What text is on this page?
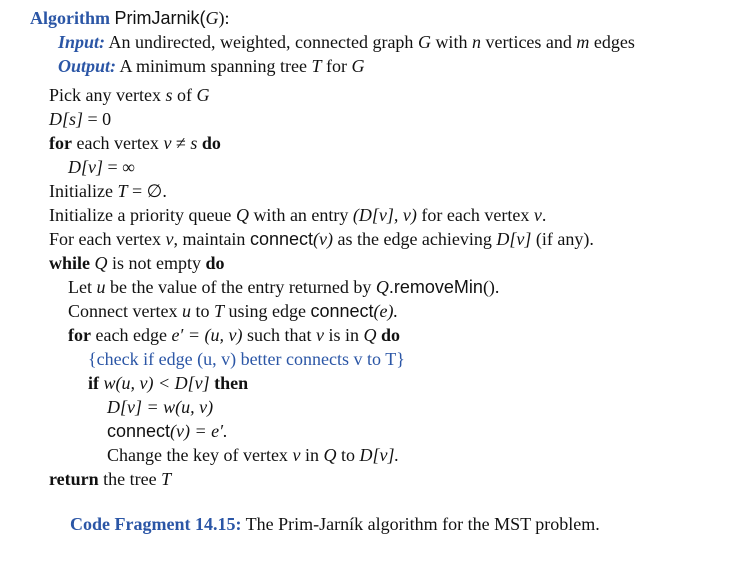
Algorithm PrimJarnik(G):
Input: An undirected, weighted, connected graph G with n vertices and m edges
Output: A minimum spanning tree T for G
Pick any vertex s of G
D[s] = 0
for each vertex v ≠ s do
D[v] = ∞
Initialize T = ∅.
Initialize a priority queue Q with an entry (D[v], v) for each vertex v.
For each vertex v, maintain connect(v) as the edge achieving D[v] (if any).
while Q is not empty do
Let u be the value of the entry returned by Q.removeMin().
Connect vertex u to T using edge connect(e).
for each edge e′ = (u, v) such that v is in Q do
{check if edge (u, v) better connects v to T}
if w(u, v) < D[v] then
D[v] = w(u, v)
connect(v) = e′.
Change the key of vertex v in Q to D[v].
return the tree T
Code Fragment 14.15: The Prim-Jarník algorithm for the MST problem.
